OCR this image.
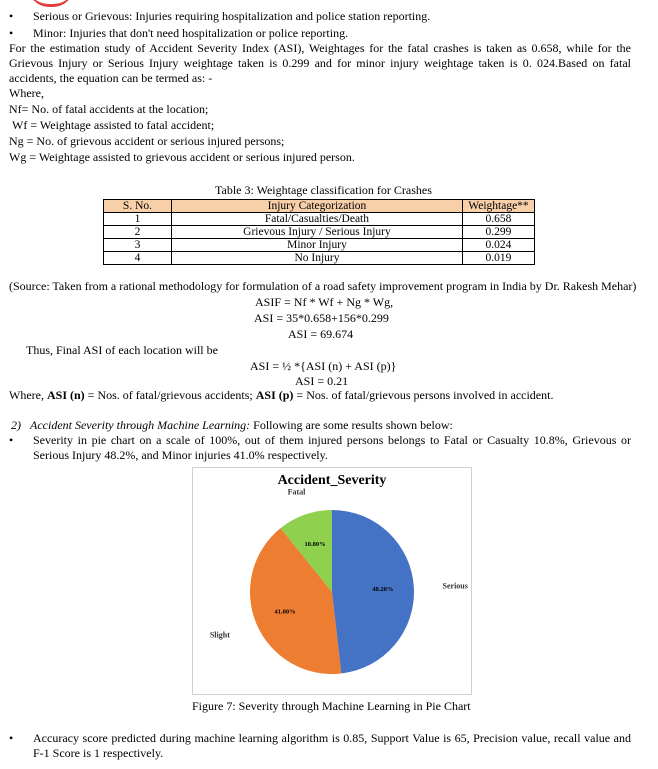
• Serious or Grievous: Injuries requiring hospitalization and police station reporting.
• Minor: Injuries that don't need hospitalization or police reporting.
For the estimation study of Accident Severity Index (ASI), Weightages for the fatal crashes is taken as 0.658, while for the Grievous Injury or Serious Injury weightage taken is 0.299 and for minor injury weightage taken is 0. 024.Based on fatal accidents, the equation can be termed as: -
Where,
Nf= No. of fatal accidents at the location;
Wf = Weightage assisted to fatal accident;
Ng = No. of grievous accident or serious injured persons;
Wg = Weightage assisted to grievous accident or serious injured person.
Table 3: Weightage classification for Crashes
S. No.	Injury Categorization	Weightage**
1	Fatal/Casualties/Death	0.658
2	Grievous Injury / Serious Injury	0.299
3	Minor Injury	0.024
4	No Injury	0.019
(Source: Taken from a rational methodology for formulation of a road safety improvement program in India by Dr. Rakesh Mehar)
ASIF = Nf * Wf + Ng * Wg,
ASI = 35*0.658+156*0.299
ASI = 69.674
Thus, Final ASI of each location will be
ASI = ½ *{ASI (n) + ASI (p)}
ASI = 0.21
Where, ASI (n) = Nos. of fatal/grievous accidents; ASI (p) = Nos. of fatal/grievous persons involved in accident.
2) Accident Severity through Machine Learning: Following are some results shown below:
• Severity in pie chart on a scale of 100%, out of them injured persons belongs to Fatal or Casualty 10.8%, Grievous or Serious Injury 48.2%, and Minor injuries 41.0% respectively.
Accident_Severity
48.20%	Serious
41.00%
Slight
10.80%
Fatal
Figure 7: Severity through Machine Learning in Pie Chart
• Accuracy score predicted during machine learning algorithm is 0.85, Support Value is 65, Precision value, recall value and F-1 Score is 1 respectively.
